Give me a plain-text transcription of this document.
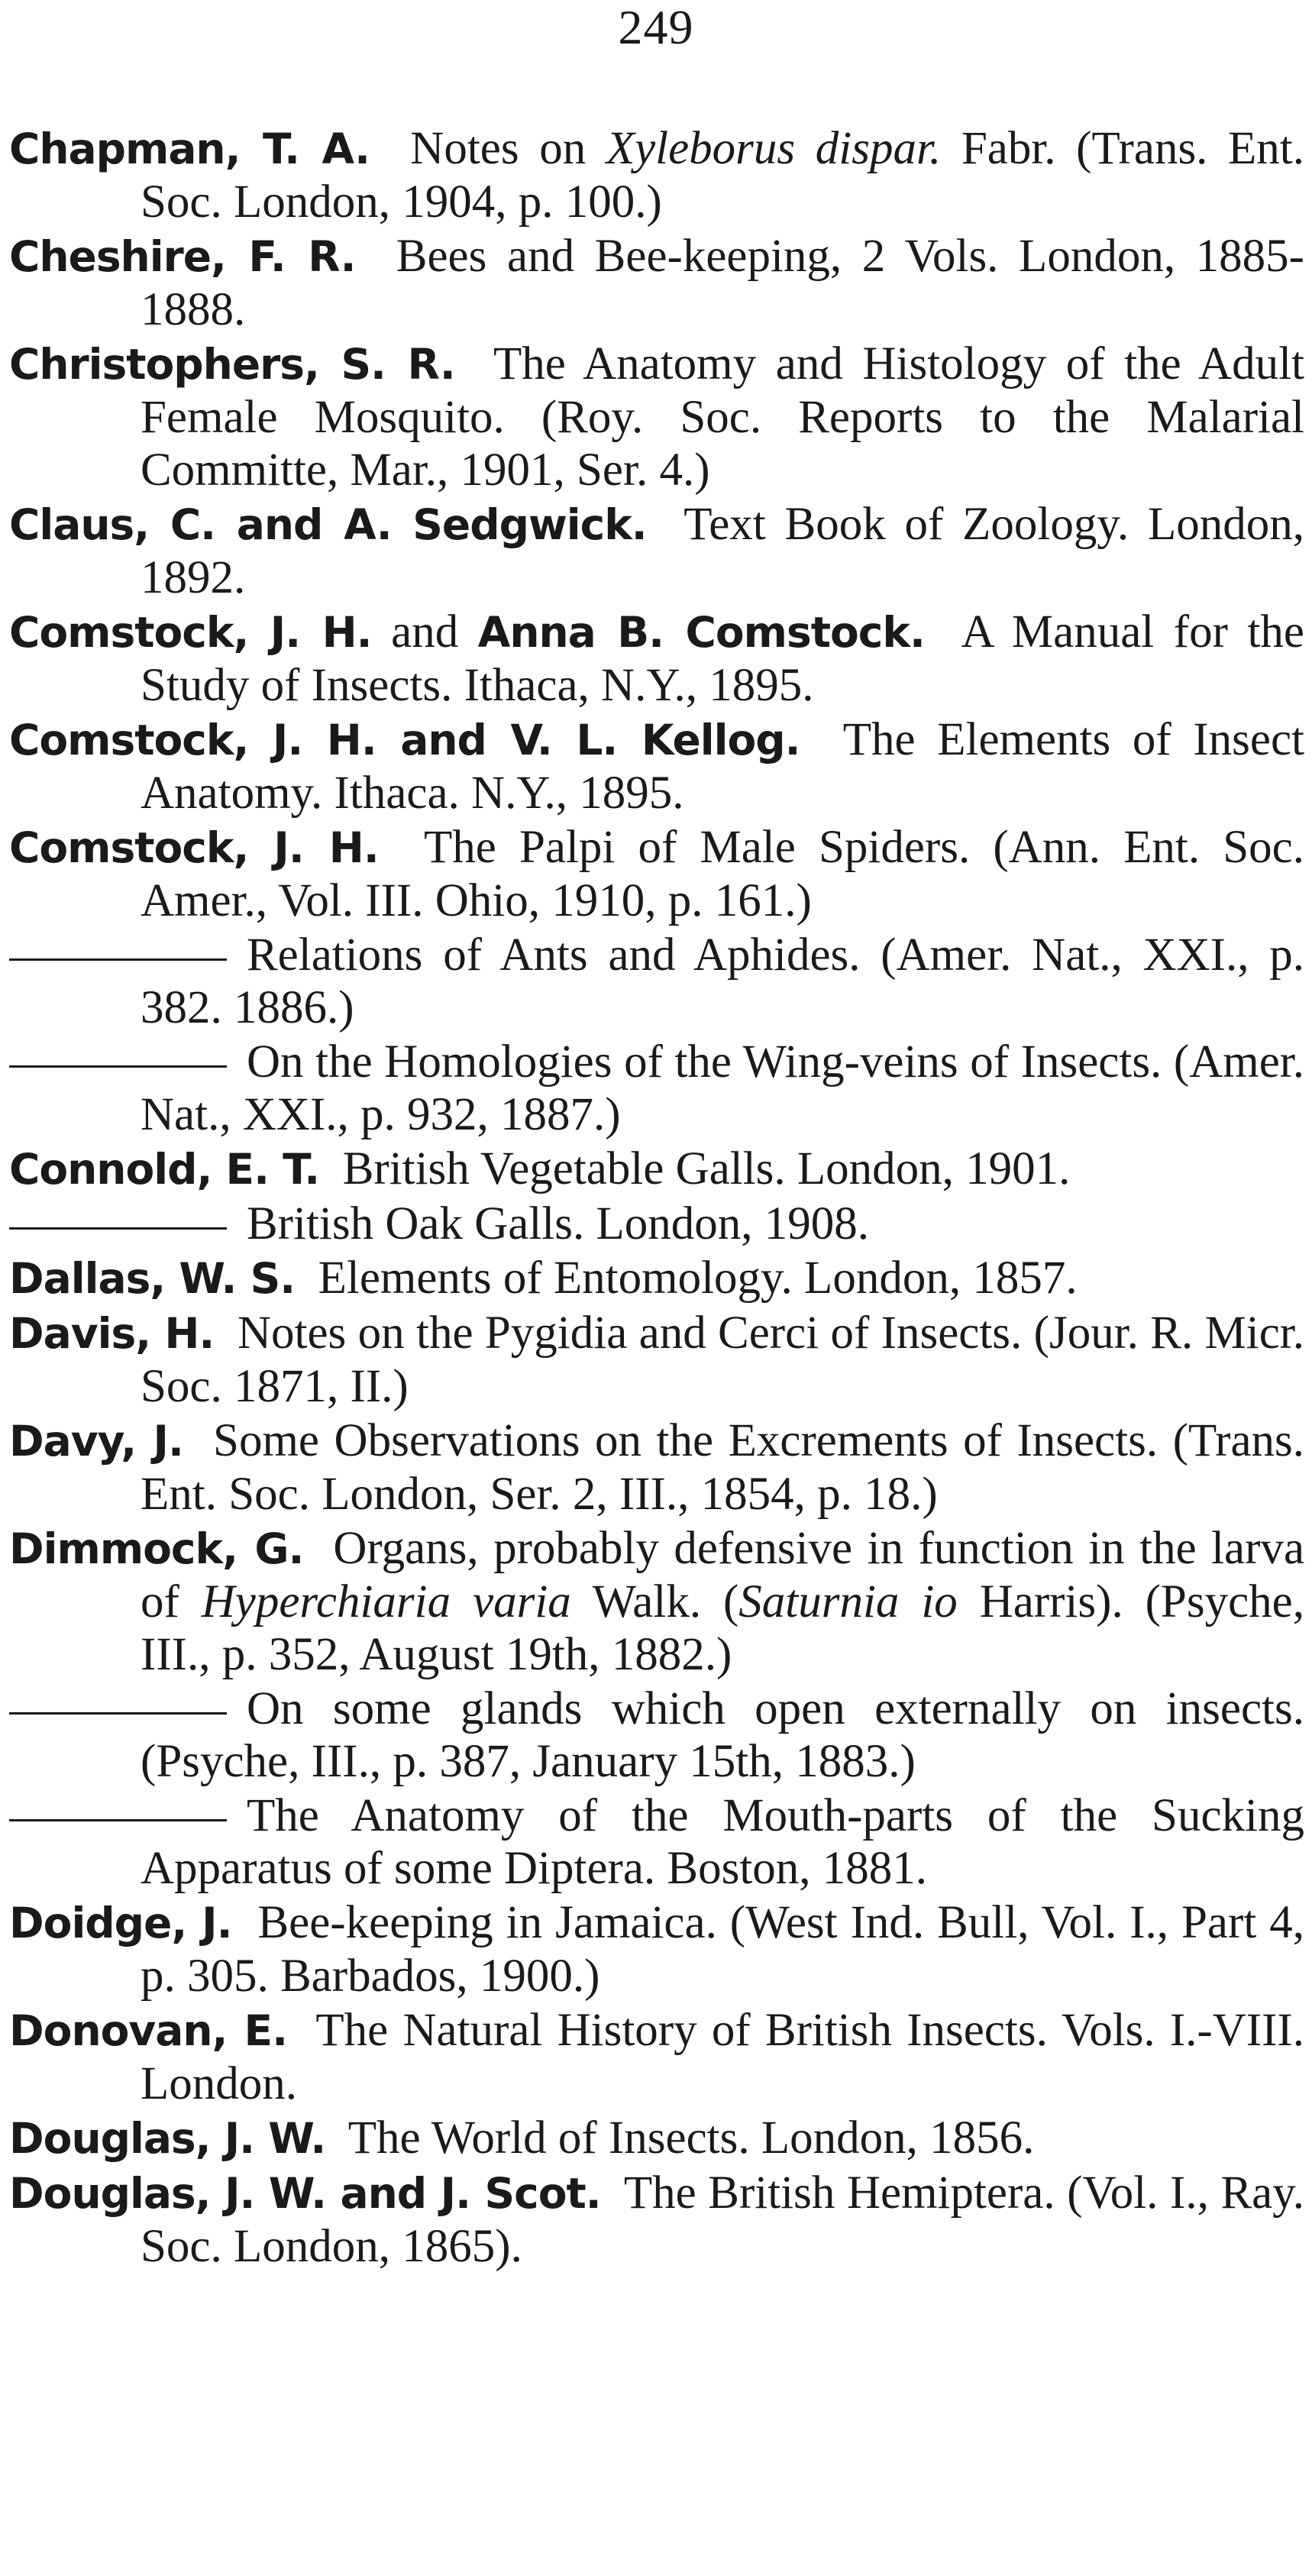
249

Chapman, T. A. Notes on Xyleborus dispar. Fabr. (Trans. Ent. Soc. London, 1904, p. 100.)

Cheshire, F. R. Bees and Bee-keeping, 2 Vols. London, 1885-1888.

Christophers, S. R. The Anatomy and Histology of the Adult Female Mosquito. (Roy. Soc. Reports to the Malarial Committe, Mar., 1901, Ser. 4.)

Claus, C. and A. Sedgwick. Text Book of Zoology. London, 1892.

Comstock, J. H. and Anna B. Comstock. A Manual for the Study of Insects. Ithaca, N.Y., 1895.

Comstock, J. H. and V. L. Kellog. The Elements of Insect Anatomy. Ithaca. N.Y., 1895.

Comstock, J. H. The Palpi of Male Spiders. (Ann. Ent. Soc. Amer., Vol. III. Ohio, 1910, p. 161.)

Relations of Ants and Aphides. (Amer. Nat., XXI., p. 382. 1886.)

On the Homologies of the Wing-veins of Insects. (Amer. Nat., XXI., p. 932, 1887.)

Connold, E. T. British Vegetable Galls. London, 1901.

British Oak Galls. London, 1908.

Dallas, W. S. Elements of Entomology. London, 1857.

Davis, H. Notes on the Pygidia and Cerci of Insects. (Jour. R. Micr. Soc. 1871, II.)

Davy, J. Some Observations on the Excrements of Insects. (Trans. Ent. Soc. London, Ser. 2, III., 1854, p. 18.)

Dimmock, G. Organs, probably defensive in function in the larva of Hyperchiaria varia Walk. (Saturnia io Harris). (Psyche, III., p. 352, August 19th, 1882.)

On some glands which open externally on insects. (Psyche, III., p. 387, January 15th, 1883.)

The Anatomy of the Mouth-parts of the Sucking Apparatus of some Diptera. Boston, 1881.

Doidge, J. Bee-keeping in Jamaica. (West Ind. Bull, Vol. I., Part 4, p. 305. Barbados, 1900.)

Donovan, E. The Natural History of British Insects. Vols. I.-VIII. London.

Douglas, J. W. The World of Insects. London, 1856.

Douglas, J. W. and J. Scot. The British Hemiptera. (Vol. I., Ray. Soc. London, 1865).
